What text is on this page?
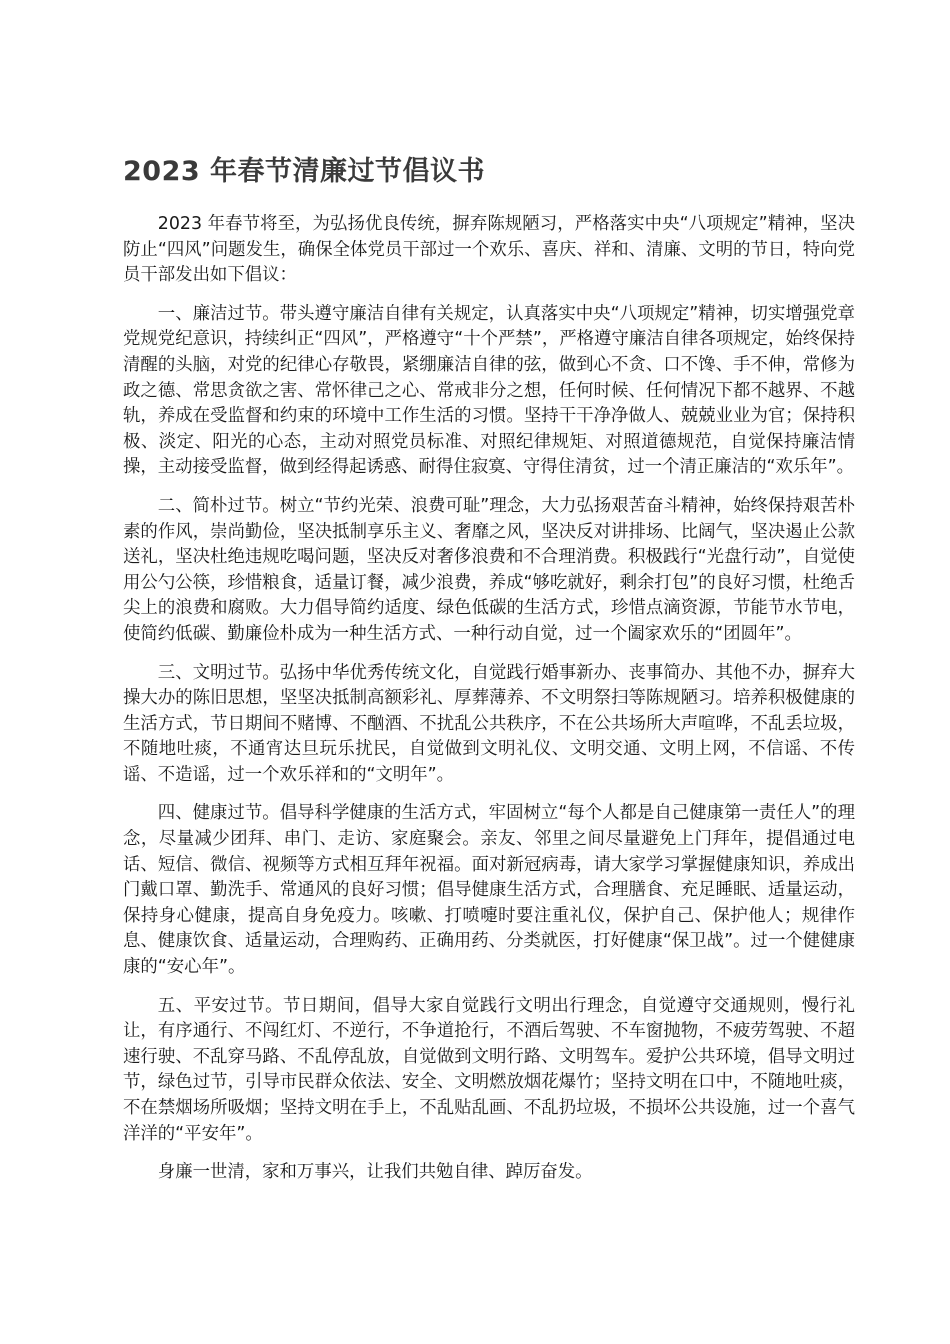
2023 年春节清廉过节倡议书

2023 年春节将至，为弘扬优良传统，摒弃陈规陋习，严格落实中央“八项规定”精神，坚决防止“四风”问题发生，确保全体党员干部过一个欢乐、喜庆、祥和、清廉、文明的节日，特向党员干部发出如下倡议：

一、廉洁过节。带头遵守廉洁自律有关规定，认真落实中央“八项规定”精神，切实增强党章党规党纪意识，持续纠正“四风”，严格遵守“十个严禁”，严格遵守廉洁自律各项规定，始终保持清醒的头脑，对党的纪律心存敬畏，紧绷廉洁自律的弦，做到心不贪、口不馋、手不伸，常修为政之德、常思贪欲之害、常怀律己之心、常戒非分之想，任何时候、任何情况下都不越界、不越轨，养成在受监督和约束的环境中工作生活的习惯。坚持干干净净做人、兢兢业业为官；保持积极、淡定、阳光的心态，主动对照党员标准、对照纪律规矩、对照道德规范，自觉保持廉洁情操，主动接受监督，做到经得起诱惑、耐得住寂寞、守得住清贫，过一个清正廉洁的“欢乐年”。

二、简朴过节。树立“节约光荣、浪费可耻”理念，大力弘扬艰苦奋斗精神，始终保持艰苦朴素的作风，崇尚勤俭，坚决抵制享乐主义、奢靡之风，坚决反对讲排场、比阔气，坚决遏止公款送礼，坚决杜绝违规吃喝问题，坚决反对奢侈浪费和不合理消费。积极践行“光盘行动”，自觉使用公勺公筷，珍惜粮食，适量订餐，减少浪费，养成“够吃就好，剩余打包”的良好习惯，杜绝舌尖上的浪费和腐败。大力倡导简约适度、绿色低碳的生活方式，珍惜点滴资源，节能节水节电，使简约低碳、勤廉俭朴成为一种生活方式、一种行动自觉，过一个阖家欢乐的“团圆年”。

三、文明过节。弘扬中华优秀传统文化，自觉践行婚事新办、丧事简办、其他不办，摒弃大操大办的陈旧思想，坚坚决抵制高额彩礼、厚葬薄养、不文明祭扫等陈规陋习。培养积极健康的生活方式，节日期间不赌博、不酗酒、不扰乱公共秩序，不在公共场所大声喧哗，不乱丢垃圾，不随地吐痰，不通宵达旦玩乐扰民，自觉做到文明礼仪、文明交通、文明上网，不信谣、不传谣、不造谣，过一个欢乐祥和的“文明年”。

四、健康过节。倡导科学健康的生活方式，牢固树立“每个人都是自己健康第一责任人”的理念，尽量减少团拜、串门、走访、家庭聚会。亲友、邻里之间尽量避免上门拜年，提倡通过电话、短信、微信、视频等方式相互拜年祝福。面对新冠病毒，请大家学习掌握健康知识，养成出门戴口罩、勤洗手、常通风的良好习惯；倡导健康生活方式，合理膳食、充足睡眠、适量运动，保持身心健康，提高自身免疫力。咳嗽、打喷嚏时要注重礼仪，保护自己、保护他人；规律作息、健康饮食、适量运动，合理购药、正确用药、分类就医，打好健康“保卫战”。过一个健健康康的“安心年”。

五、平安过节。节日期间，倡导大家自觉践行文明出行理念，自觉遵守交通规则，慢行礼让，有序通行、不闯红灯、不逆行，不争道抢行，不酒后驾驶、不车窗抛物，不疲劳驾驶、不超速行驶、不乱穿马路、不乱停乱放，自觉做到文明行路、文明驾车。爱护公共环境，倡导文明过节，绿色过节，引导市民群众依法、安全、文明燃放烟花爆竹；坚持文明在口中，不随地吐痰，不在禁烟场所吸烟；坚持文明在手上，不乱贴乱画、不乱扔垃圾，不损坏公共设施，过一个喜气洋洋的“平安年”。

身廉一世清，家和万事兴，让我们共勉自律、踔厉奋发。
